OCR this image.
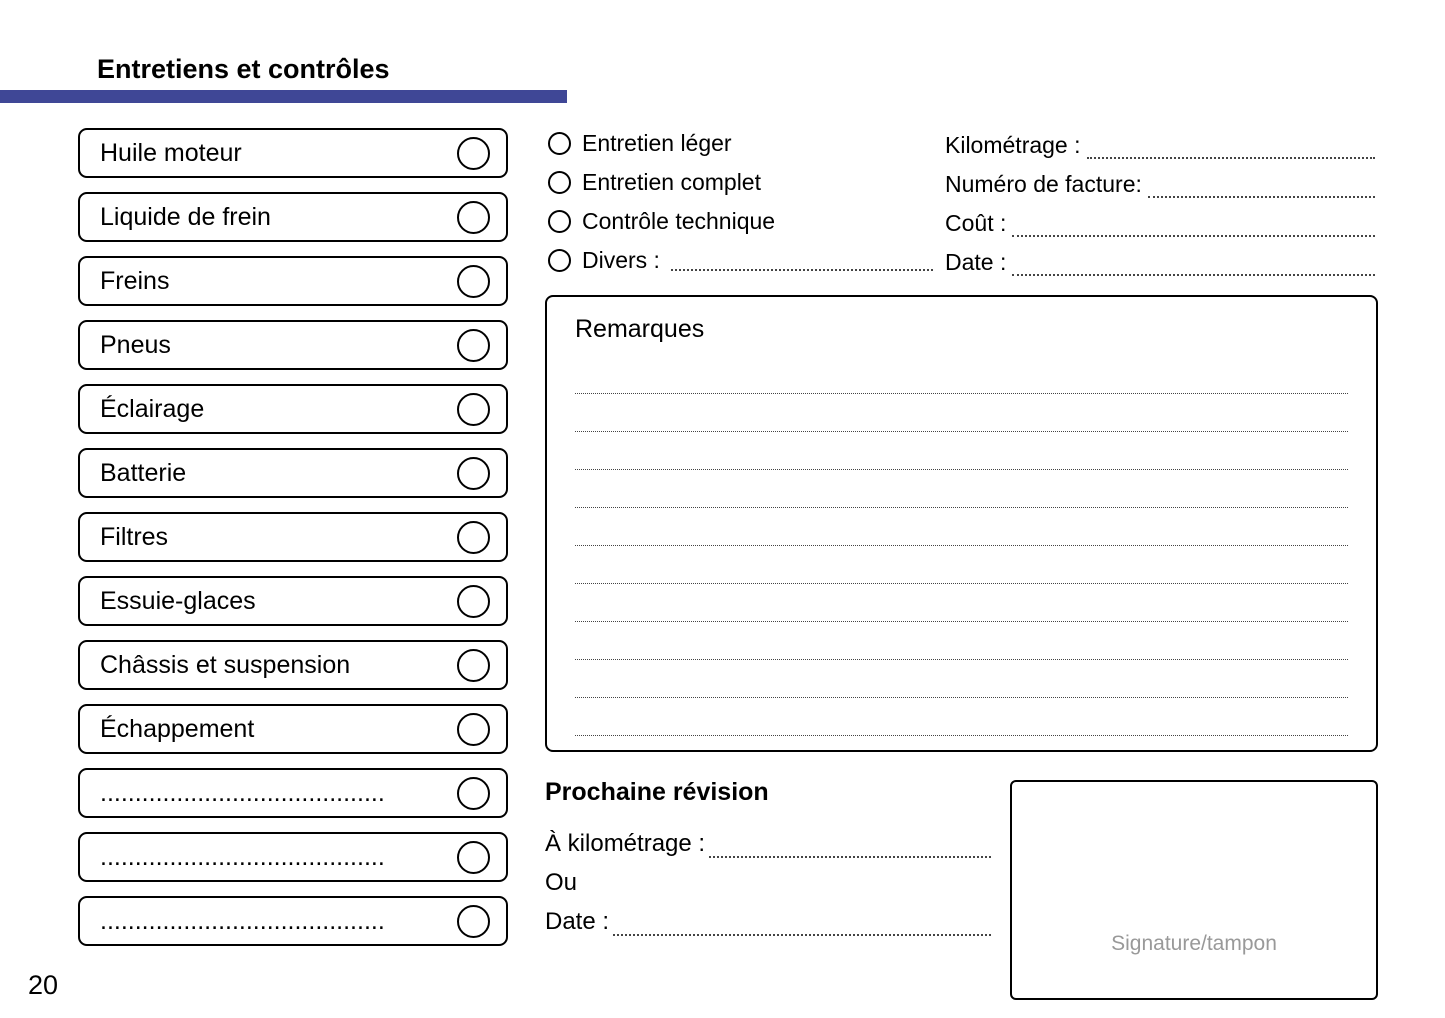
Entretiens et contrôles
Huile moteur
Liquide de frein
Freins
Pneus
Éclairage
Batterie
Filtres
Essuie-glaces
Châssis et suspension
Échappement
.........................................
.........................................
.........................................
Entretien léger
Entretien complet
Contrôle technique
Divers :
Kilométrage :
Numéro de facture:
Coût :
Date :
Remarques
Prochaine révision
À kilométrage :
Ou
Date :
Signature/tampon
20
